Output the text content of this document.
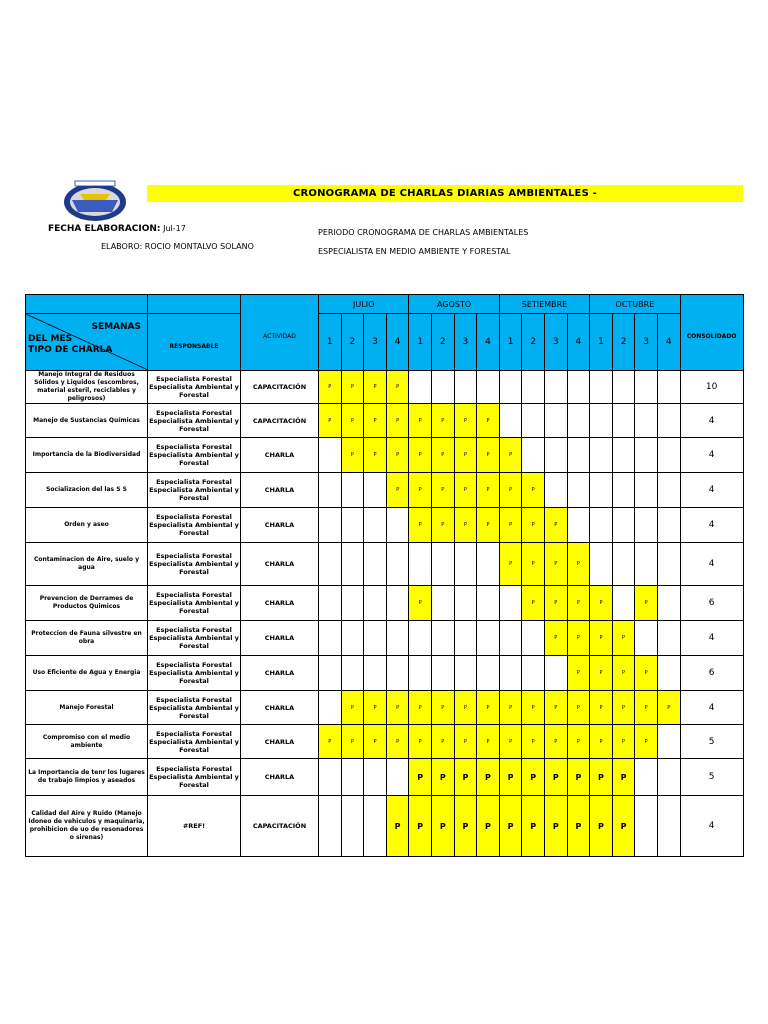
CRONOGRAMA DE CHARLAS DIARIAS AMBIENTALES -
FECHA ELABORACION: Jul-17
ELABORO: ROCIO MONTALVO SOLANO
PERIODO CRONOGRAMA DE CHARLAS AMBIENTALES
ESPECIALISTA EN MEDIO AMBIENTE Y FORESTAL
		ACTIVIDAD	JULIO				AGOSTO				SETIEMBRE				OCTUBRE				CONSOLIDADO

SEMANAS
DEL MES
TIPO DE CHARLA	RESPONSABLE		1	2	3	4	1	2	3	4	1	2	3	4	1	2	3	4	
Manejo Integral de Residuos Sólidos y Liquidos (escombros, material esteril, reciclables y peligrosos)	Especialista Forestal Especialista Ambiental y Forestal	CAPACITACIÓN	P	P	P	P													10
Manejo de Sustancias Químicas	Especialista Forestal Especialista Ambiental y Forestal	CAPACITACIÓN	P	P	P	P	P	P	P	P									4
Importancia de la Biodiversidad	Especialista Forestal Especialista Ambiental y Forestal	CHARLA		P	P	P	P	P	P	P	P								4
Socializacion del las S S	Especialista Forestal Especialista Ambiental y Forestal	CHARLA				P	P	P	P	P	P	P							4
Orden y aseo	Especialista Forestal Especialista Ambiental y Forestal	CHARLA					P	P	P	P	P	P	P						4
Contaminacion de Aire, suelo y agua	Especialista Forestal Especialista Ambiental y Forestal	CHARLA									P	P	P	P					4
Prevencion de Derrames de Productos Quimicos	Especialista Forestal Especialista Ambiental y Forestal	CHARLA					P					P	P	P	P		P		6
Proteccion de Fauna silvestre en obra	Especialista Forestal Especialista Ambiental y Forestal	CHARLA											P	P	P	P			4
Uso Eficiente de Agua y Energia	Especialista Forestal Especialista Ambiental y Forestal	CHARLA												P	P	P	P		6
Manejo Forestal	Especialista Forestal Especialista Ambiental y Forestal	CHARLA		P	P	P	P	P	P	P	P	P	P	P	P	P	P	P	4
Compromiso con el medio ambiente	Especialista Forestal Especialista Ambiental y Forestal	CHARLA	P	P	P	P	P	P	P	P	P	P	P	P	P	P	P		5
La Importancia de tenr los lugares de trabajo limpios y aseados	Especialista Forestal Especialista Ambiental y Forestal	CHARLA					P	P	P	P	P	P	P	P	P	P			5
Calidad del Aire y Ruido (Manejo Idoneo de vehiculos y maquinaria, prohibicion de uo de resonadores o sirenas)	#REF!	CAPACITACIÓN				P	P	P	P	P	P	P	P	P	P	P			4
